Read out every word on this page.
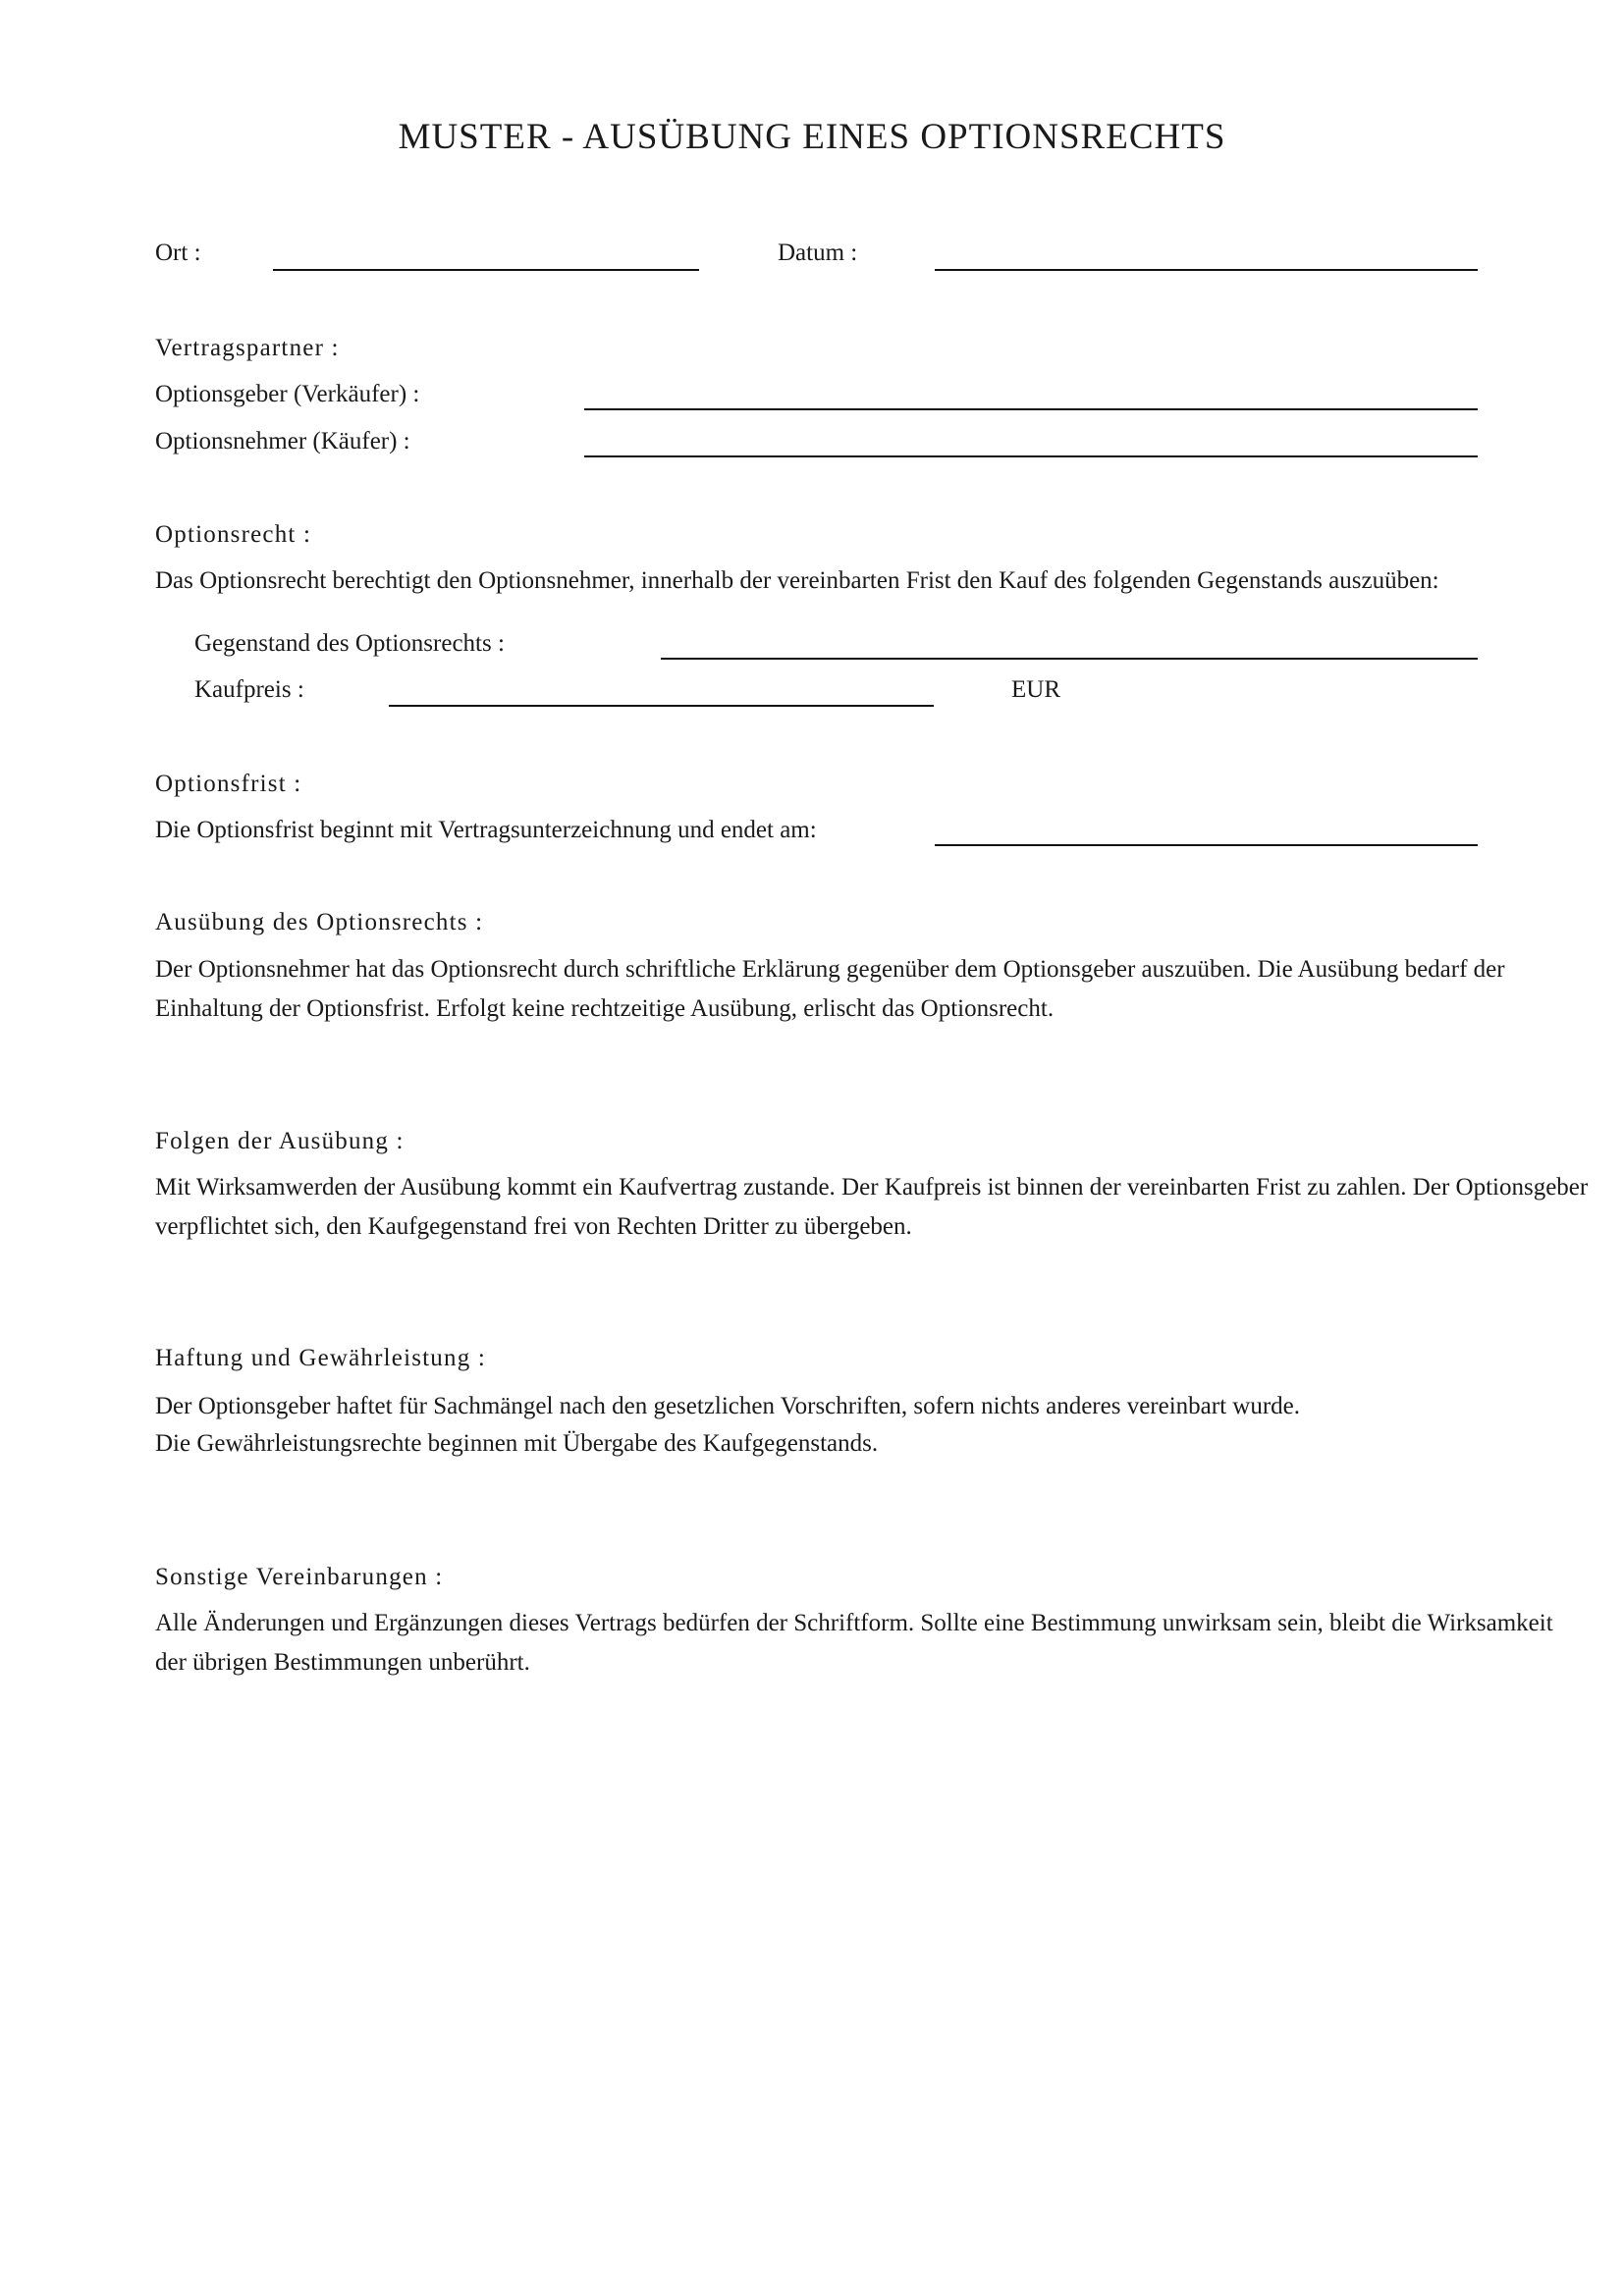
MUSTER - AUSÜBUNG EINES OPTIONSRECHTS
Ort :	Datum :
Vertragspartner :
Optionsgeber (Verkäufer) :
Optionsnehmer (Käufer) :
Optionsrecht :
Das Optionsrecht berechtigt den Optionsnehmer, innerhalb der vereinbarten Frist den Kauf des folgenden Gegenstands auszuüben:
Gegenstand des Optionsrechts :
Kaufpreis :	EUR
Optionsfrist :
Die Optionsfrist beginnt mit Vertragsunterzeichnung und endet am:
Ausübung des Optionsrechts :
Der Optionsnehmer hat das Optionsrecht durch schriftliche Erklärung gegenüber dem Optionsgeber auszuüben. Die Ausübung bedarf der Einhaltung der Optionsfrist. Erfolgt keine rechtzeitige Ausübung, erlischt das Optionsrecht.
Folgen der Ausübung :
Mit Wirksamwerden der Ausübung kommt ein Kaufvertrag zustande. Der Kaufpreis ist binnen der vereinbarten Frist zu zahlen. Der Optionsgeber verpflichtet sich, den Kaufgegenstand frei von Rechten Dritter zu übergeben.
Haftung und Gewährleistung :
Der Optionsgeber haftet für Sachmängel nach den gesetzlichen Vorschriften, sofern nichts anderes vereinbart wurde.
Die Gewährleistungsrechte beginnen mit Übergabe des Kaufgegenstands.
Sonstige Vereinbarungen :
Alle Änderungen und Ergänzungen dieses Vertrags bedürfen der Schriftform. Sollte eine Bestimmung unwirksam sein, bleibt die Wirksamkeit der übrigen Bestimmungen unberührt.
